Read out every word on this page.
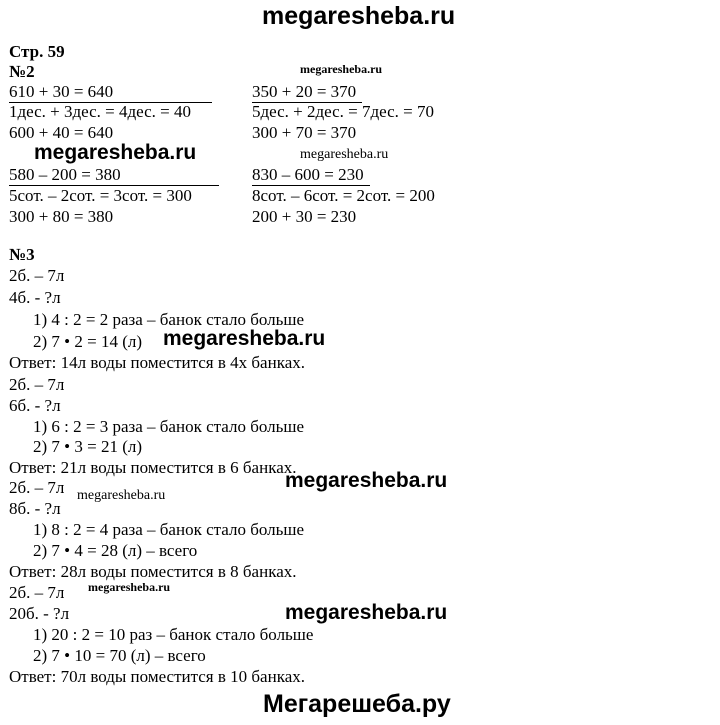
megaresheba.ru
Стр. 59
№2
610 + 30 = 640
1дес. + 3дес. = 4дес. = 40
600 + 40 = 640
580 – 200 = 380
5сот. – 2сот. = 3сот. = 300
300 + 80 = 380
350 + 20 = 370
5дес. + 2дес. = 7дес. = 70
300 + 70 = 370
830 – 600 = 230
8сот. – 6сот. = 2сот. = 200
200 + 30 = 230
№3
2б. – 7л
4б. - ?л
1) 4 : 2 = 2 раза – банок стало больше
2) 7 • 2 = 14 (л)
Ответ: 14л воды поместится в 4х банках.
2б. – 7л
6б. - ?л
1) 6 : 2 = 3 раза – банок стало больше
2) 7 • 3 = 21 (л)
Ответ: 21л воды поместится в 6 банках.
2б. – 7л
8б. - ?л
1) 8 : 2 = 4 раза – банок стало больше
2) 7 • 4 = 28 (л) – всего
Ответ: 28л воды поместится в 8 банках.
2б. – 7л
20б. - ?л
1) 20 : 2 = 10 раз – банок стало больше
2) 7 • 10 = 70 (л) – всего
Ответ: 70л воды поместится в 10 банках.
megaresheba.ru
megaresheba.ru	megaresheba.ru
megaresheba.ru
megaresheba.ru
megaresheba.ru
megaresheba.ru
megaresheba.ru
Мегарешеба.ру
